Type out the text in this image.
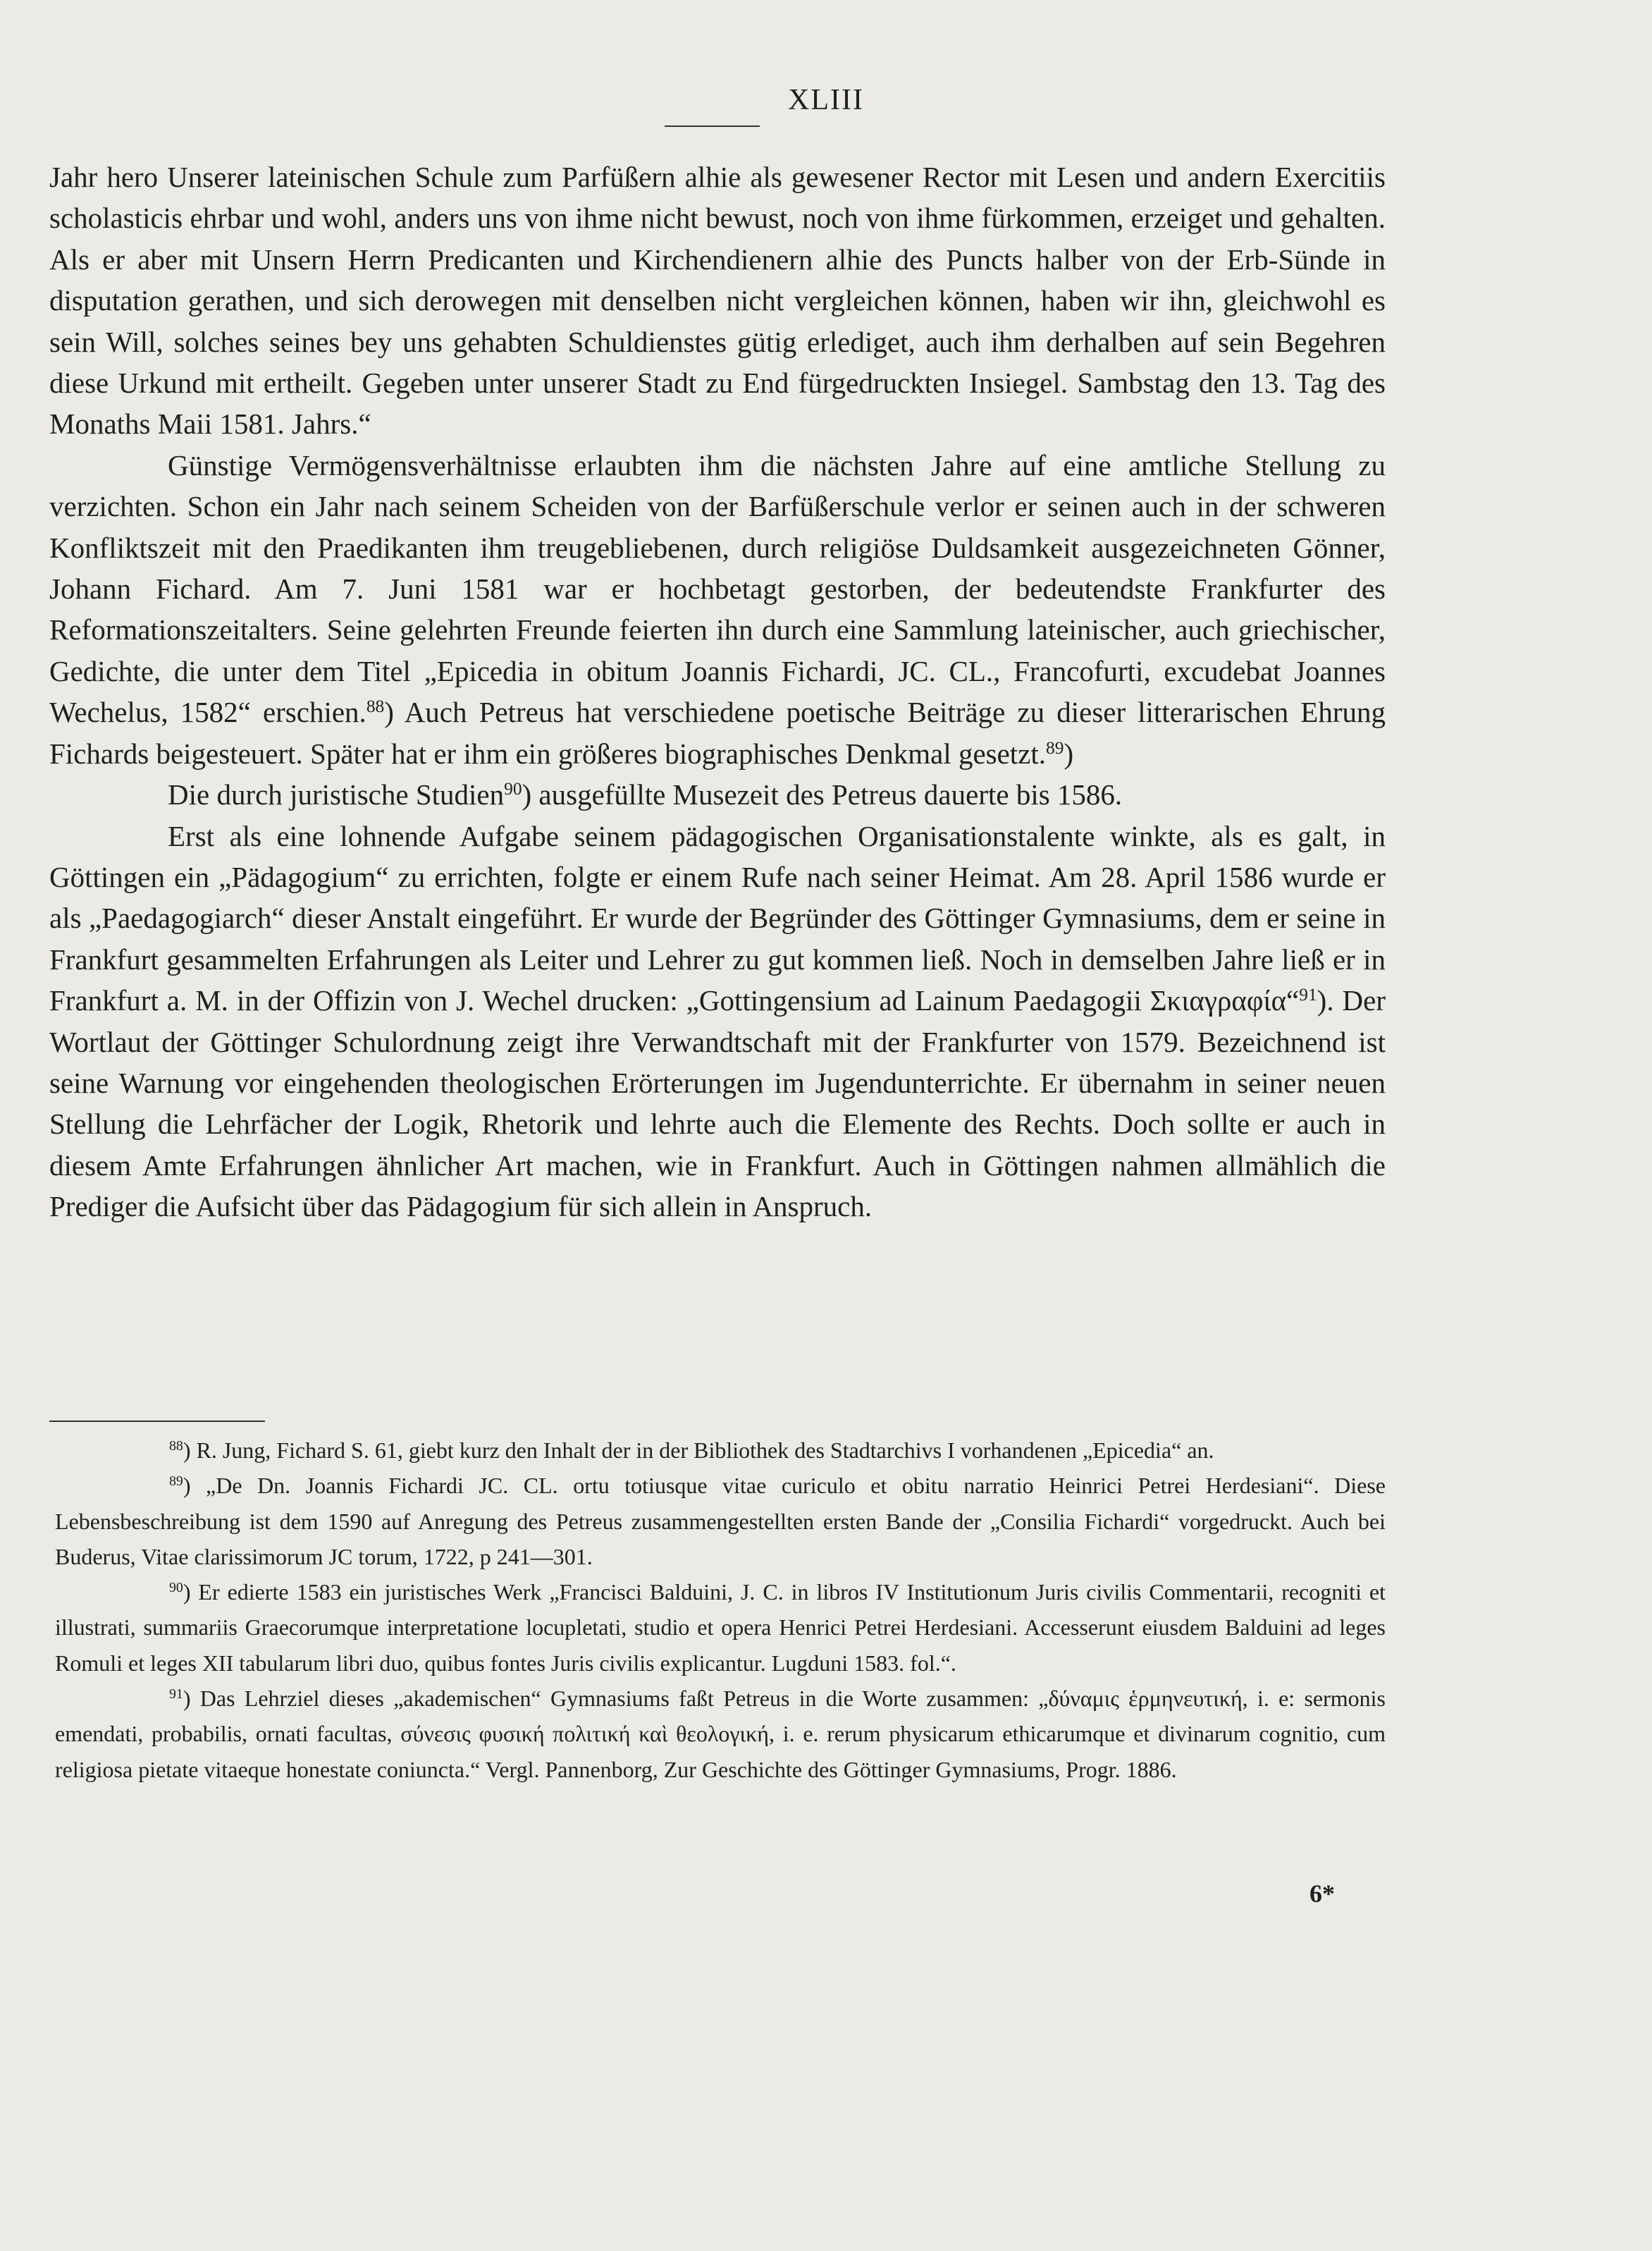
XLIII

Jahr hero Unserer lateinischen Schule zum Parfüßern alhie als gewesener Rector mit Lesen und andern Exercitiis scholasticis ehrbar und wohl, anders uns von ihme nicht bewust, noch von ihme fürkommen, erzeiget und gehalten. Als er aber mit Unsern Herrn Predicanten und Kirchendienern alhie des Puncts halber von der Erb-Sünde in disputation gerathen, und sich derowegen mit denselben nicht vergleichen können, haben wir ihn, gleichwohl es sein Will, solches seines bey uns gehabten Schuldienstes gütig erlediget, auch ihm derhalben auf sein Begehren diese Urkund mit ertheilt. Gegeben unter unserer Stadt zu End fürgedruckten Insiegel. Sambstag den 13. Tag des Monaths Maii 1581. Jahrs.“

Günstige Vermögensverhältnisse erlaubten ihm die nächsten Jahre auf eine amtliche Stellung zu verzichten. Schon ein Jahr nach seinem Scheiden von der Barfüßerschule verlor er seinen auch in der schweren Konfliktszeit mit den Praedikanten ihm treugebliebenen, durch religiöse Duldsamkeit ausgezeichneten Gönner, Johann Fichard. Am 7. Juni 1581 war er hochbetagt gestorben, der bedeutendste Frankfurter des Reformationszeitalters. Seine gelehrten Freunde feierten ihn durch eine Sammlung lateinischer, auch griechischer, Gedichte, die unter dem Titel „Epicedia in obitum Joannis Fichardi, JC. CL., Francofurti, excudebat Joannes Wechelus, 1582“ erschien.$^{88}$) Auch Petreus hat verschiedene poetische Beiträge zu dieser litterarischen Ehrung Fichards beigesteuert. Später hat er ihm ein größeres biographisches Denkmal gesetzt.$^{89}$)

Die durch juristische Studien$^{90}$) ausgefüllte Musezeit des Petreus dauerte bis 1586.

Erst als eine lohnende Aufgabe seinem pädagogischen Organisationstalente winkte, als es galt, in Göttingen ein „Pädagogium“ zu errichten, folgte er einem Rufe nach seiner Heimat. Am 28. April 1586 wurde er als „Paedagogiarch“ dieser Anstalt eingeführt. Er wurde der Begründer des Göttinger Gymnasiums, dem er seine in Frankfurt gesammelten Erfahrungen als Leiter und Lehrer zu gut kommen ließ. Noch in demselben Jahre ließ er in Frankfurt a. M. in der Offizin von J. Wechel drucken: „Gottingensium ad Lainum Paedagogii Σκιαγραφία“$^{91}$). Der Wortlaut der Göttinger Schulordnung zeigt ihre Verwandtschaft mit der Frankfurter von 1579. Bezeichnend ist seine Warnung vor eingehenden theologischen Erörterungen im Jugendunterrichte. Er übernahm in seiner neuen Stellung die Lehrfächer der Logik, Rhetorik und lehrte auch die Elemente des Rechts. Doch sollte er auch in diesem Amte Erfahrungen ähnlicher Art machen, wie in Frankfurt. Auch in Göttingen nahmen allmählich die Prediger die Aufsicht über das Pädagogium für sich allein in Anspruch.

$^{88}$) R. Jung, Fichard S. 61, giebt kurz den Inhalt der in der Bibliothek des Stadtarchivs I vorhandenen „Epicedia“ an.

$^{89}$) „De Dn. Joannis Fichardi JC. CL. ortu totiusque vitae curiculo et obitu narratio Heinrici Petrei Herdesiani“. Diese Lebensbeschreibung ist dem 1590 auf Anregung des Petreus zusammengestellten ersten Bande der „Consilia Fichardi“ vorgedruckt. Auch bei Buderus, Vitae clarissimorum JC torum, 1722, p 241—301.

$^{90}$) Er edierte 1583 ein juristisches Werk „Francisci Balduini, J. C. in libros IV Institutionum Juris civilis Commentarii, recogniti et illustrati, summariis Graecorumque interpretatione locupletati, studio et opera Henrici Petrei Herdesiani. Accesserunt eiusdem Balduini ad leges Romuli et leges XII tabularum libri duo, quibus fontes Juris civilis explicantur. Lugduni 1583. fol.“.

$^{91}$) Das Lehrziel dieses „akademischen“ Gymnasiums faßt Petreus in die Worte zusammen: „δύναμις ἑρμηνευτική, i. e: sermonis emendati, probabilis, ornati facultas, σύνεσις φυσική πολιτική καὶ θεολογική, i. e. rerum physicarum ethicarumque et divinarum cognitio, cum religiosa pietate vitaeque honestate coniuncta.“ Vergl. Pannenborg, Zur Geschichte des Göttinger Gymnasiums, Progr. 1886.

6*
